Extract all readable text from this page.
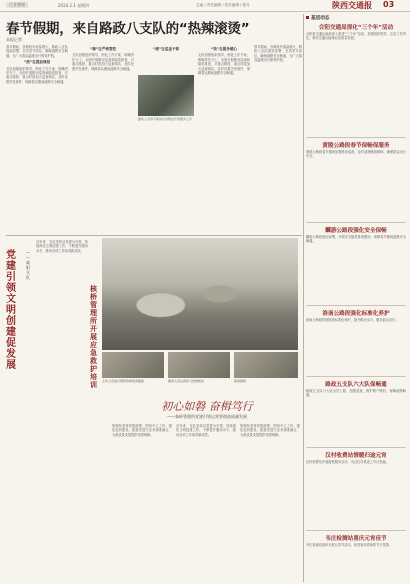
行业要闻	2024.2.1 星期四	主编 / 责任编辑 / 美术编辑 / 校对	陕西交通报 03
春节假期，来自路政八支队的“热辣滚烫”
本报记者
春节期间，各路段车流量增大，路政八支队提前部署，全员坚守岗位，确保道路安全畅通，为广大群众温暖出行保驾护航。
“热”在提前谋划
支队加强组织领导，细化工作方案，明确责任分工，全面开展路况巡查和隐患排查，对重点路段、重点时段加大巡查频次，及时处置突发事件，保障春运期间道路安全畅通。
“辣”在严格管控
支队加强组织领导，细化工作方案，明确责任分工，全面开展路况巡查和隐患排查，对重点路段、重点时段加大巡查频次，及时处置突发事件，保障春运期间道路安全畅通。
“滚”在巡查不停
路政人员春节期间在收费站开展服务工作
“烫”在服务暖心
支队加强组织领导，细化工作方案，明确责任分工，全面开展路况巡查和隐患排查，对重点路段、重点时段加大巡查频次，及时处置突发事件，保障春运期间道路安全畅通。
春节期间，各路段车流量增大，路政八支队提前部署，全员坚守岗位，确保道路安全畅通，为广大群众温暖出行保驾护航。
党
建
引
领
文
明
创
建
促
发
展
—
—
咸
阳
支
队
近年来，支队坚持以党建为引领，持续深化文明创建工作，不断提升服务水平，推动各项工作取得新成效。
核
桥
管
理
所
开
展
应
急
救
护
培
训	工作人员进行现场急救培训演练	参训人员认真学习急救知识	培训现场
初心如磐 奋楫笃行
——泰岭管理所党建引领运营管理高质量发展
管理所坚持党建统领，围绕中心工作，强化组织建设，推进党建与业务深度融合，为高质量发展提供坚强保障。
近年来，支队坚持以党建为引领，持续深化文明创建工作，不断提升服务水平，推动各项工作取得新成效。
管理所坚持党建统领，围绕中心工作，强化组织建设，推进党建与业务深度融合，为高质量发展提供坚强保障。
基层动态
合阳交通局深化“三个年”活动
合阳县交通运输局深入推进“三个年”活动，加强组织领导，压实工作责任，推动交通运输事业高质量发展。
黄陵公路段春节保畅保服务
黄陵公路段春节期间加强路况巡查，及时清理路面障碍，确保群众出行安全。
麟游公路段强化安全保畅
麟游公路段提前部署，开展安全隐患排查整治，保障春节期间道路安全畅通。
洛南公路段强化标准化养护
洛南公路段持续推进标准化养护，提升路况水平，服务群众出行。
路政五支队六大队保畅通
路政五支队六大队全员上路，加强巡查，维护路产路权，保障道路畅通。
汉村收费站情暖归途元宵
汉村收费站开展便民服务活动，为过往司乘送上节日祝福。
韦庄检测站喜庆元宵佳节
韦庄检测站组织开展元宵节活动，营造欢乐祥和的节日氛围。
